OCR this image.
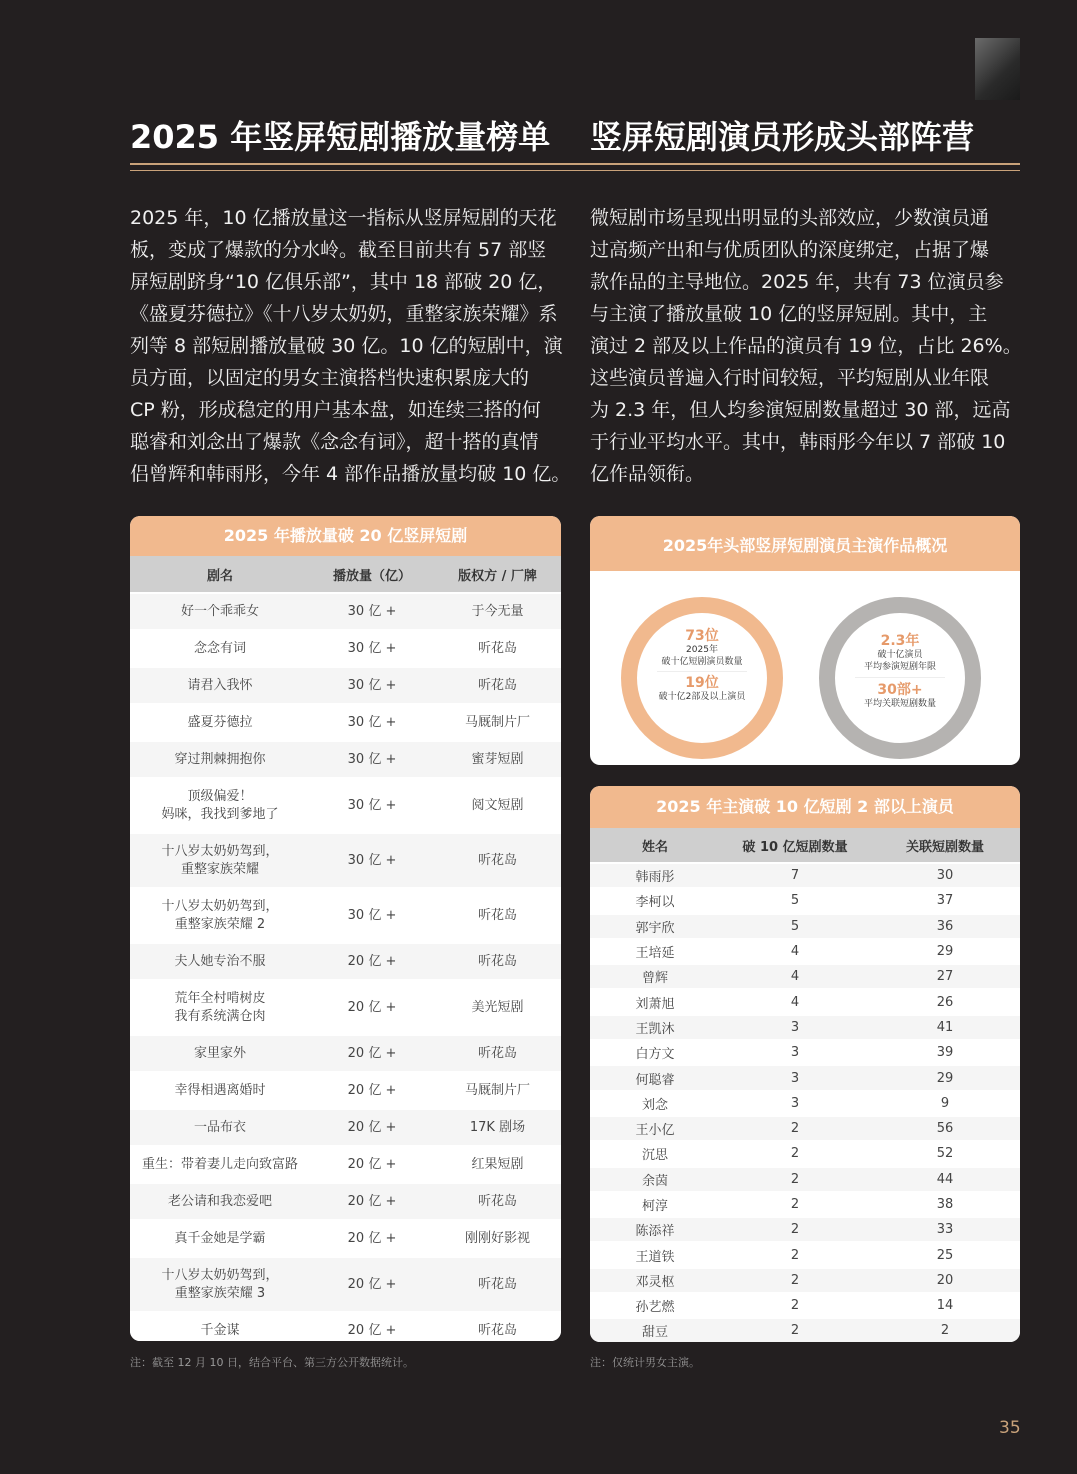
2025 年竖屏短剧播放量榜单 竖屏短剧演员形成头部阵营
2025 年，10 亿播放量这一指标从竖屏短剧的天花
板，变成了爆款的分水岭。截至目前共有 57 部竖
屏短剧跻身“10 亿俱乐部”，其中 18 部破 20 亿，
《盛夏芬德拉》《十八岁太奶奶，重整家族荣耀》系
列等 8 部短剧播放量破 30 亿。10 亿的短剧中，演
员方面，以固定的男女主演搭档快速积累庞大的
CP 粉，形成稳定的用户基本盘，如连续三搭的何
聪睿和刘念出了爆款《念念有词》，超十搭的真情
侣曾辉和韩雨彤，今年 4 部作品播放量均破 10 亿。
微短剧市场呈现出明显的头部效应，少数演员通
过高频产出和与优质团队的深度绑定，占据了爆
款作品的主导地位。2025 年，共有 73 位演员参
与主演了播放量破 10 亿的竖屏短剧。其中，主
演过 2 部及以上作品的演员有 19 位，占比 26%。
这些演员普遍入行时间较短，平均短剧从业年限
为 2.3 年，但人均参演短剧数量超过 30 部，远高
于行业平均水平。其中，韩雨彤今年以 7 部破 10
亿作品领衔。
2025 年播放量破 20 亿竖屏短剧
剧名	播放量（亿）	版权方 / 厂牌

好一个乖乖女	30 亿 +	于今无量

念念有词	30 亿 +	听花岛

请君入我怀	30 亿 +	听花岛

盛夏芬德拉	30 亿 +	马厩制片厂

穿过荆棘拥抱你	30 亿 +	蜜芽短剧

顶级偏爱！
妈咪，我找到爹地了	30 亿 +	阅文短剧

十八岁太奶奶驾到，
重整家族荣耀	30 亿 +	听花岛

十八岁太奶奶驾到，
重整家族荣耀 2	30 亿 +	听花岛

夫人她专治不服	20 亿 +	听花岛

荒年全村啃树皮
我有系统满仓肉	20 亿 +	美光短剧

家里家外	20 亿 +	听花岛

幸得相遇离婚时	20 亿 +	马厩制片厂

一品布衣	20 亿 +	17K 剧场

重生：带着妻儿走向致富路	20 亿 +	红果短剧

老公请和我恋爱吧	20 亿 +	听花岛

真千金她是学霸	20 亿 +	刚刚好影视

十八岁太奶奶驾到，
重整家族荣耀 3	20 亿 +	听花岛

千金谋	20 亿 +	听花岛
注：截至 12 月 10 日，结合平台、第三方公开数据统计。
2025年头部竖屏短剧演员主演作品概况
73位
2025年
破十亿短剧演员数量
19位
破十亿2部及以上演员
2.3年
破十亿演员
平均参演短剧年限
30部+
平均关联短剧数量
2025 年主演破 10 亿短剧 2 部以上演员
姓名	破 10 亿短剧数量	关联短剧数量
韩雨彤	7	30
李柯以	5	37
郭宇欣	5	36
王培延	4	29
曾辉	4	27
刘萧旭	4	26
王凯沐	3	41
白方文	3	39
何聪睿	3	29
刘念	3	9
王小亿	2	56
沉思	2	52
余茵	2	44
柯淳	2	38
陈添祥	2	33
王道铁	2	25
邓灵枢	2	20
孙艺燃	2	14
甜豆	2	2
注：仅统计男女主演。
35
